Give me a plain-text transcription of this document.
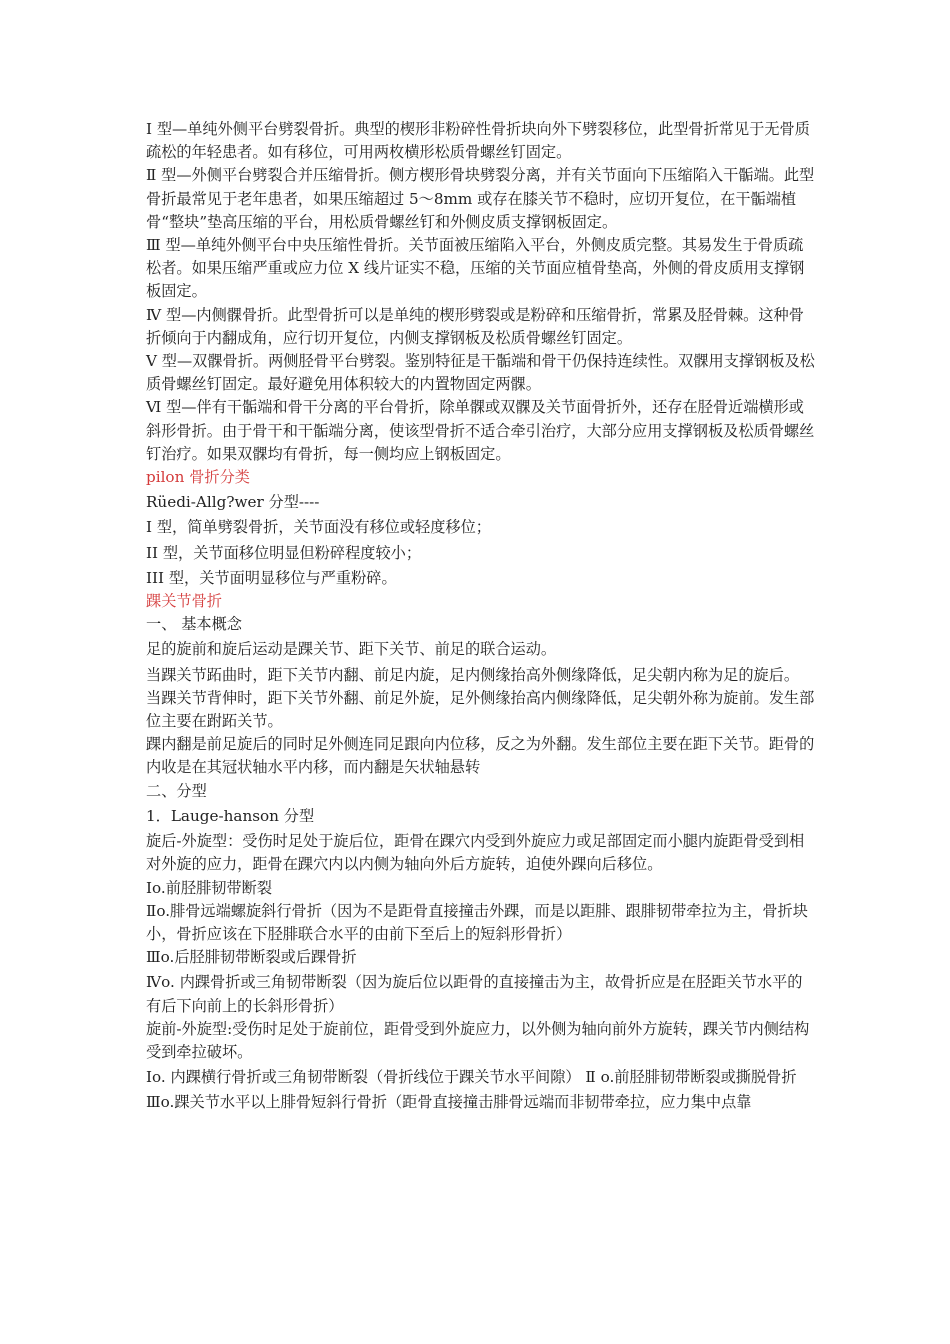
Ⅰ 型—单纯外侧平台劈裂骨折。典型的楔形非粉碎性骨折块向外下劈裂移位，此型骨折常见于无骨质疏松的年轻患者。如有移位，可用两枚横形松质骨螺丝钉固定。

Ⅱ 型—外侧平台劈裂合并压缩骨折。侧方楔形骨块劈裂分离，并有关节面向下压缩陷入干骺端。此型骨折最常见于老年患者，如果压缩超过 5～8mm 或存在膝关节不稳时，应切开复位，在干骺端植骨“整块”垫高压缩的平台，用松质骨螺丝钉和外侧皮质支撑钢板固定。

Ⅲ 型—单纯外侧平台中央压缩性骨折。关节面被压缩陷入平台，外侧皮质完整。其易发生于骨质疏松者。如果压缩严重或应力位 X 线片证实不稳，压缩的关节面应植骨垫高，外侧的骨皮质用支撑钢板固定。

Ⅳ 型—内侧髁骨折。此型骨折可以是单纯的楔形劈裂或是粉碎和压缩骨折，常累及胫骨棘。这种骨折倾向于内翻成角，应行切开复位，内侧支撑钢板及松质骨螺丝钉固定。

Ⅴ 型—双髁骨折。两侧胫骨平台劈裂。鉴别特征是干骺端和骨干仍保持连续性。双髁用支撑钢板及松质骨螺丝钉固定。最好避免用体积较大的内置物固定两髁。

Ⅵ 型—伴有干骺端和骨干分离的平台骨折，除单髁或双髁及关节面骨折外，还存在胫骨近端横形或斜形骨折。由于骨干和干骺端分离，使该型骨折不适合牵引治疗，大部分应用支撑钢板及松质骨螺丝钉治疗。如果双髁均有骨折，每一侧均应上钢板固定。

pilon 骨折分类

Rüedi-Allg?wer 分型----

I 型，简单劈裂骨折，关节面没有移位或轻度移位；

II 型，关节面移位明显但粉碎程度较小；

III 型，关节面明显移位与严重粉碎。

踝关节骨折

一、 基本概念

足的旋前和旋后运动是踝关节、距下关节、前足的联合运动。

当踝关节跖曲时，距下关节内翻、前足内旋，足内侧缘抬高外侧缘降低，足尖朝内称为足的旋后。

当踝关节背伸时，距下关节外翻、前足外旋，足外侧缘抬高内侧缘降低，足尖朝外称为旋前。发生部位主要在跗跖关节。

踝内翻是前足旋后的同时足外侧连同足跟向内位移，反之为外翻。发生部位主要在距下关节。距骨的内收是在其冠状轴水平内移，而内翻是矢状轴悬转

二、分型

1．Lauge-hanson 分型

旋后-外旋型：受伤时足处于旋后位，距骨在踝穴内受到外旋应力或足部固定而小腿内旋距骨受到相对外旋的应力，距骨在踝穴内以内侧为轴向外后方旋转，迫使外踝向后移位。

Ⅰo.前胫腓韧带断裂

Ⅱo.腓骨远端螺旋斜行骨折（因为不是距骨直接撞击外踝，而是以距腓、跟腓韧带牵拉为主，骨折块小，骨折应该在下胫腓联合水平的由前下至后上的短斜形骨折）

Ⅲo.后胫腓韧带断裂或后踝骨折

Ⅳo. 内踝骨折或三角韧带断裂（因为旋后位以距骨的直接撞击为主，故骨折应是在胫距关节水平的有后下向前上的长斜形骨折）

旋前-外旋型:受伤时足处于旋前位，距骨受到外旋应力，以外侧为轴向前外方旋转，踝关节内侧结构受到牵拉破坏。

Ⅰo. 内踝横行骨折或三角韧带断裂（骨折线位于踝关节水平间隙） Ⅱ o.前胫腓韧带断裂或撕脱骨折

Ⅲo.踝关节水平以上腓骨短斜行骨折（距骨直接撞击腓骨远端而非韧带牵拉，应力集中点靠
